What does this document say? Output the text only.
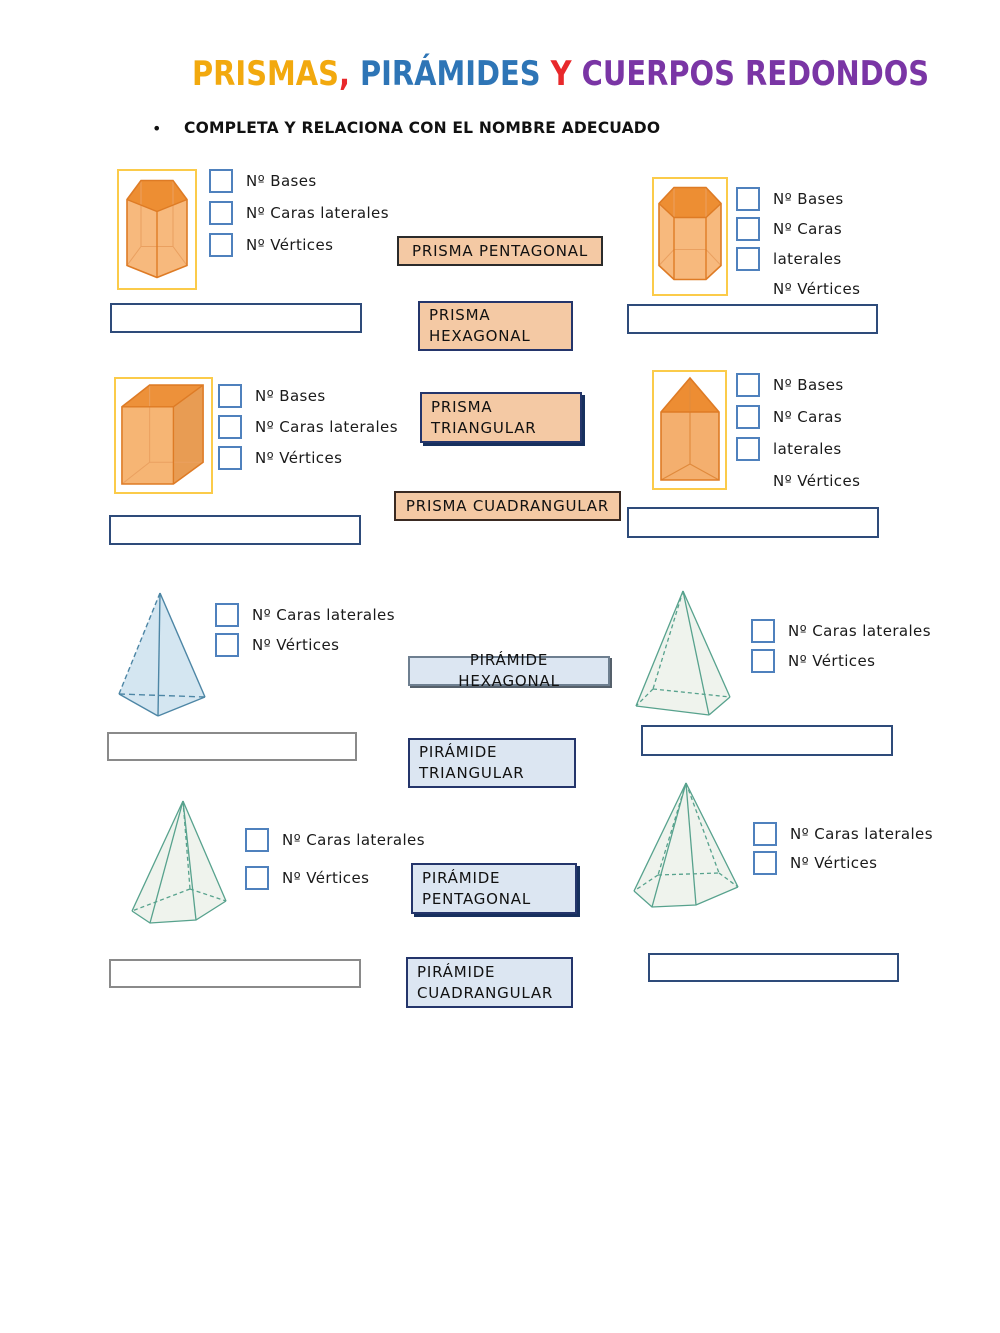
PRISMAS, PIRÁMIDES Y CUERPOS REDONDOS
• COMPLETA Y RELACIONA CON EL NOMBRE ADECUADO
Nº Bases
Nº Caras laterales
Nº Vértices
Nº Bases
Nº Caras
laterales
Nº Vértices
Nº Bases
Nº Caras laterales
Nº Vértices
Nº Bases
Nº Caras
laterales
Nº Vértices
Nº Caras laterales
Nº Vértices
Nº Caras laterales
Nº Vértices
Nº Caras laterales
Nº Vértices
Nº Caras laterales
Nº Vértices
PRISMA PENTAGONAL
PRISMA HEXAGONAL
PRISMA TRIANGULAR
PRISMA CUADRANGULAR
PIRÁMIDE HEXAGONAL
PIRÁMIDE TRIANGULAR
PIRÁMIDE PENTAGONAL
PIRÁMIDE CUADRANGULAR
